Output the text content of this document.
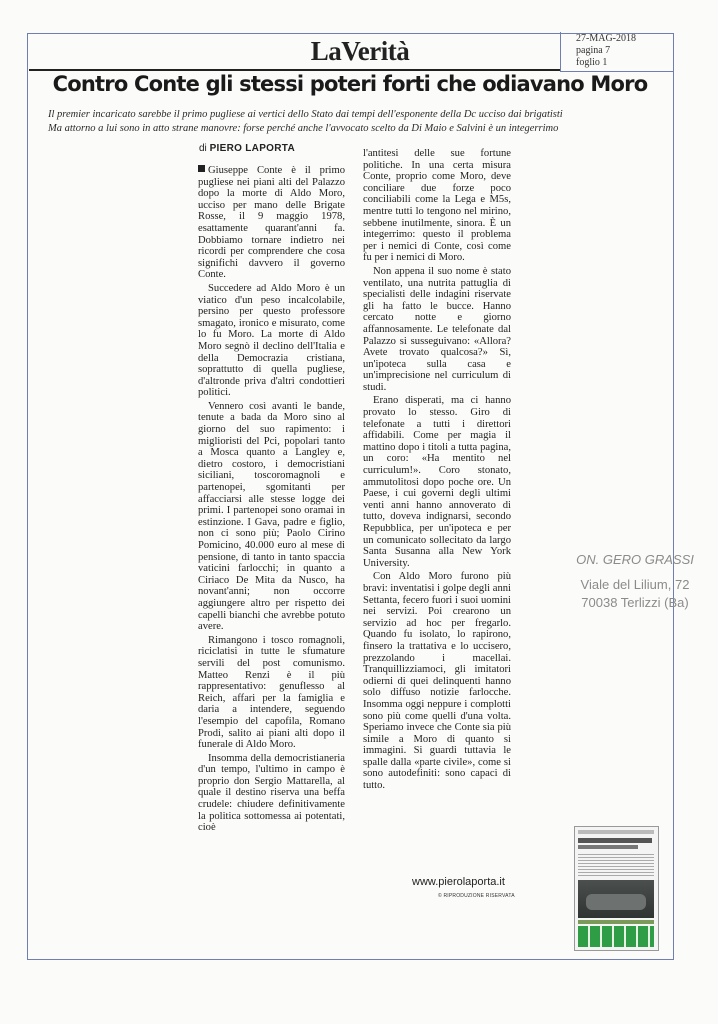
27-MAG-2018
pagina 7
foglio 1
LaVerità
Contro Conte gli stessi poteri forti che odiavano Moro
Il premier incaricato sarebbe il primo pugliese ai vertici dello Stato dai tempi dell'esponente della Dc ucciso dai brigatisti
Ma attorno a lui sono in atto strane manovre: forse perché anche l'avvocato scelto da Di Maio e Salvini è un integerrimo
di PIERO LAPORTA	l'antitesi delle sue fortune politiche. In una certa misura Conte, proprio come Moro, deve conciliare due forze poco conciliabili come la Lega e M5s, mentre tutti lo tengono nel mirino, sebbene inutilmente, sinora. È un integerrimo: questo il problema per i nemici di Conte, così come fu per i nemici di Moro.

Non appena il suo nome è stato ventilato, una nutrita pattuglia di specialisti delle indagini riservate gli ha fatto le bucce. Hanno cercato notte e giorno affannosamente. Le telefonate dal Palazzo si susseguivano: «Allora? Avete trovato qualcosa?» Sì, un'ipoteca sulla casa e un'imprecisione nel curriculum di studi.

Erano disperati, ma ci hanno provato lo stesso. Giro di telefonate a tutti i direttori affidabili. Come per magia il mattino dopo i titoli a tutta pagina, un coro: «Ha mentito nel curriculum!». Coro stonato, ammutolitosi dopo poche ore. Un Paese, i cui governi degli ultimi venti anni hanno annoverato di tutto, doveva indignarsi, secondo Repubblica, per un'ipoteca e per un comunicato sollecitato da largo Santa Susanna alla New York University.

Con Aldo Moro furono più bravi: inventatisi i golpe degli anni Settanta, fecero fuori i suoi uomini nei servizi. Poi crearono un servizio ad hoc per fregarlo. Quando fu isolato, lo rapirono, finsero la trattativa e lo uccisero, prezzolando i macellai. Tranquillizziamoci, gli imitatori odierni di quei delinquenti hanno solo diffuso notizie farlocche. Insomma oggi neppure i complotti sono più come quelli d'una volta. Speriamo invece che Conte sia più simile a Moro di quanto si immagini. Si guardi tuttavia le spalle dalla «parte civile», come si sono autodefiniti: sono capaci di tutto.

Giuseppe Conte è il primo pugliese nei piani alti del Palazzo dopo la morte di Aldo Moro, ucciso per mano delle Brigate Rosse, il 9 maggio 1978, esattamente quarant'anni fa. Dobbiamo tornare indietro nei ricordi per comprendere che cosa significhi davvero il governo Conte.

Succedere ad Aldo Moro è un viatico d'un peso incalcolabile, persino per questo professore smagato, ironico e misurato, come lo fu Moro. La morte di Aldo Moro segnò il declino dell'Italia e della Democrazia cristiana, soprattutto di quella pugliese, d'altronde priva d'altri condottieri politici.

Vennero così avanti le bande, tenute a bada da Moro sino al giorno del suo rapimento: i miglioristi del Pci, popolari tanto a Mosca quanto a Langley e, dietro costoro, i democristiani siciliani, toscoromagnoli e partenopei, sgomitanti per affacciarsi alle stesse logge dei primi. I partenopei sono oramai in estinzione. I Gava, padre e figlio, non ci sono più; Paolo Cirino Pomicino, 40.000 euro al mese di pensione, di tanto in tanto spaccia vaticini farlocchi; in quanto a Ciriaco De Mita da Nusco, ha novant'anni; non occorre aggiungere altro per rispetto dei capelli bianchi che avrebbe potuto avere.

Rimangono i tosco romagnoli, riciclatisi in tutte le sfumature servili del post comunismo. Matteo Renzi è il più rappresentativo: genuflesso al Reich, affari per la famiglia e daria a intendere, seguendo l'esempio del capofila, Romano Prodi, salito ai piani alti dopo il funerale di Aldo Moro.

Insomma della democristianeria d'un tempo, l'ultimo in campo è proprio don Sergio Mattarella, al quale il destino riserva una beffa crudele: chiudere definitivamente la politica sottomessa ai potentati, cioè

www.pierolaporta.it
© RIPRODUZIONE RISERVATA
ON. GERO GRASSI
Viale del Lilium, 72
70038 Terlizzi (Ba)
